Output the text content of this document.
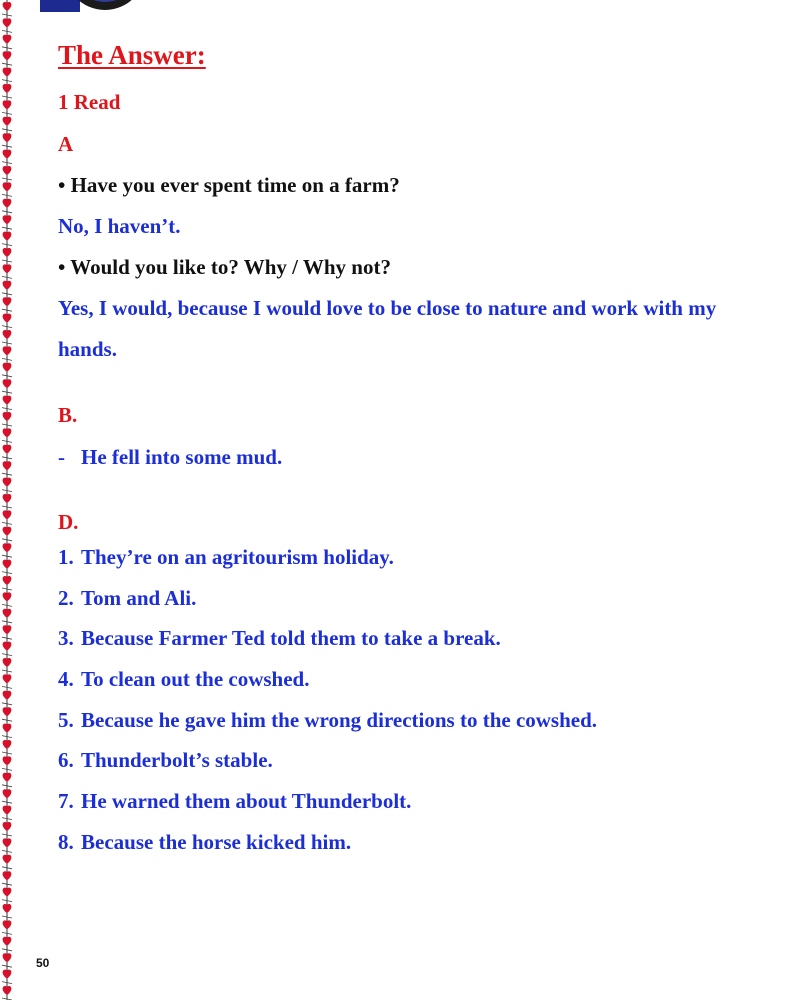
The Answer:

1 Read

A

• Have you ever spent time on a farm?

No, I haven’t.

• Would you like to? Why / Why not?

Yes, I would, because I would love to be close to nature and work with my hands.

B.

- He fell into some mud.

D.

1. They’re on an agritourism holiday.
2. Tom and Ali.
3. Because Farmer Ted told them to take a break.
4. To clean out the cowshed.
5. Because he gave him the wrong directions to the cowshed.
6. Thunderbolt’s stable.
7. He warned them about Thunderbolt.
8. Because the horse kicked him.
50
